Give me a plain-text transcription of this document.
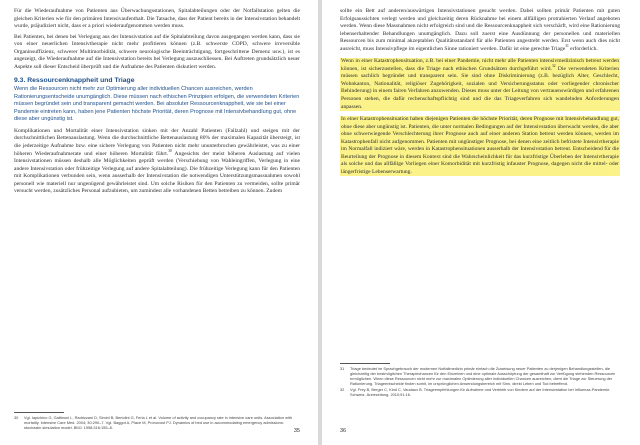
Für die Wiederaufnahme von Patienten aus Überwachungsstationen, Spitalabteilungen oder der Notfallstation gelten die gleichen Kriterien wie für den primären Intensivaufenthalt. Die Tatsache, dass der Patient bereits in der Intensivstation behandelt wurde, präjudiziert nicht, dass er a priori wiederaufgenommen werden muss.

Bei Patienten, bei denen bei Verlegung aus der Intensivstation auf die Spitalabteilung davon ausgegangen werden kann, dass sie von einer neuerlichen Intensivtherapie nicht mehr profitieren können (z.B. schwerste COPD, schwere irreversible Organinsuffizienz, schwerer Multimorbidität, schwere neurologische Beeinträchtigung, fortgeschrittene Demenz usw.), ist es angezeigt, die Wiederaufnahme auf die Intensivstation bereits bei Verlegung auszuschliessen. Bei Auftreten grundsätzlich neuer Aspekte soll dieser Entscheid überprüft und die Aufnahme des Patienten diskutiert werden.

9.3. Ressourcenknappheit und Triage

Wenn die Ressourcen nicht mehr zur Optimierung aller individuellen Chancen ausreichen, werden Rationierungsentscheide unumgänglich. Diese müssen nach ethischen Prinzipien erfolgen, die verwendeten Kriterien müssen begründet sein und transparent gemacht werden. Bei absoluter Ressourcenknappheit, wie sie bei einer Pandemie eintreten kann, haben jene Patienten höchste Priorität, deren Prognose mit Intensivbehandlung gut, ohne diese aber ungünstig ist.

Komplikationen und Mortalität einer Intensivstation sinken mit der Anzahl Patienten (Fallzahl) und steigen mit der durchschnittlichen Bettenauslastung. Wenn die durchschnittliche Bettenauslastung 80% der maximalen Kapazität übersteigt, ist die jederzeitige Aufnahme bzw. eine sichere Verlegung von Patienten nicht mehr ununterbrochen gewährleistet, was zu einer höheren Wiederaufnahmerate und einer höheren Mortalität führt.$^{30}$ Angesichts der meist höheren Auslastung auf vielen Intensivstationen müssen deshalb alle Möglichkeiten geprüft werden (Verschiebung von Wahleingriffen, Verlegung in eine andere Intensivstation oder frühzeitige Verlegung auf andere Spitalabteilung). Die frühzeitige Verlegung kann für den Patienten mit Komplikationen verbunden sein, wenn ausserhalb der Intensivstation die notwendigen Unterstützungsmassnahmen sowohl personell wie materiell nur ungenügend gewährleistet sind. Um solche Risiken für den Patienten zu vermeiden, sollte primär versucht werden, zusätzliches Personal aufzubieten, um zumindest alle vorhandenen Betten betreiben zu können. Zudem

30	Vgl. Iapichino G, Gattinoni L, Radrizzani D, Simini B, Bertolini G, Ferla L et al. Volume of activity and occupancy rate in intensive care units. Association with mortality. Intensive Care Med. 2004; 30:290–7. Vgl. Baggot A, Place M, Pronovost PJ. Dynamics of bed use in accommodating emergency admissions: stochastic simulation model. BMJ. 1998;316:155–8.
35

sollte ein Bett auf anderen/auswärtigen Intensivstationen gesucht werden. Dabei sollten primär Patienten mit guten Erfolgsaussichten verlegt werden und gleichzeitig deren Rücknahme bei einem allfälligen protrahierten Verlauf angeboten werden. Wenn diese Massnahmen nicht erfolgreich sind und die Ressourcenknappheit sich verschärft, wird eine Rationierung lebenserhaltender Behandlungen unumgänglich. Dazu soll zuerst eine Ausdünnung der personellen und materiellen Ressourcen bis zum minimal akzeptablen Qualitätsstandard für alle Patienten angestrebt werden. Erst wenn auch dies nicht ausreicht, muss Intensivpflege im eigentlichen Sinne rationiert werden. Dafür ist eine gerechte Triage$^{31}$ erforderlich.

Wenn in einer Katastrophensituation, z.B. bei einer Pandemie, nicht mehr alle Patienten intensivmedizinisch betreut werden können, ist sicherzustellen, dass die Triage nach ethischen Grundsätzen durchgeführt wird.$^{32}$ Die verwendeten Kriterien müssen sachlich begründet und transparent sein. Sie sind ohne Diskriminierung (z.B. bezüglich Alter, Geschlecht, Wohnkanton, Nationalität, religiöser Zugehörigkeit, sozialen und Versicherungsstatus oder vorliegender chronischer Behinderung) in einem fairen Verfahren anzuwenden. Dieses muss unter der Leitung von vertrauenswürdigen und erfahrenen Personen stehen, die dafür rechenschaftspflichtig sind und die das Triageverfahren sich wandelnden Anforderungen anpassen.

In einer Katastrophensituation haben diejenigen Patienten die höchste Priorität, deren Prognose mit Intensivbehandlung gut, ohne diese aber ungünstig ist. Patienten, die unter normalen Bedingungen auf der Intensivstation überwacht werden, die aber ohne schwerwiegende Verschlechterung ihrer Prognose auch auf einer anderen Station betreut werden können, werden im Katastrophenfall nicht aufgenommen. Patienten mit ungünstiger Prognose, bei denen eine zeitlich befristete Intensivtherapie im Normalfall indiziert wäre, werden in Katastrophensituationen ausserhalb der Intensivstation betreut. Entscheidend für die Beurteilung der Prognose in diesem Kontext sind die Wahrscheinlichkeit für das kurzfristige Überleben der Intensivtherapie als solche und das allfällige Vorliegen einer Komorbidität mit kurzfristig infauster Prognose, dagegen nicht die mittel- oder längerfristige Lebenserwartung.

31	Triage bedeutet im Sprachgebrauch der modernen Notfallmedizin primär einfach die Zuweisung neuer Patienten zu derjenigen Behandlungsstellen, die gleichzeitig der bestmöglichen Therapiechancen für den Einzelnen und eine optimale Ausschöpfung der gesamthaft zur Verfügung stehenden Ressourcen ermöglichen. Wenn diese Ressourcen nicht mehr zur maximalen Optimierung aller individuellen Chancen ausreichen, dient die Triage zur Steuerung der Rationierung. Triageentscheide finden somit, im ursprünglichen Anwendungsbereich mit Sinn, direkt Leben und Tod betreffend.
32	Vgl. Frey B, Berger C, Kind C, Vaudaux B. Triageempfehlungen für Aufnahme und Verbleib von Kindern auf der Intensivstation bei Influenza-Pandemie. Schweiz. Ärztezeitung. 2010;91:16.
36
